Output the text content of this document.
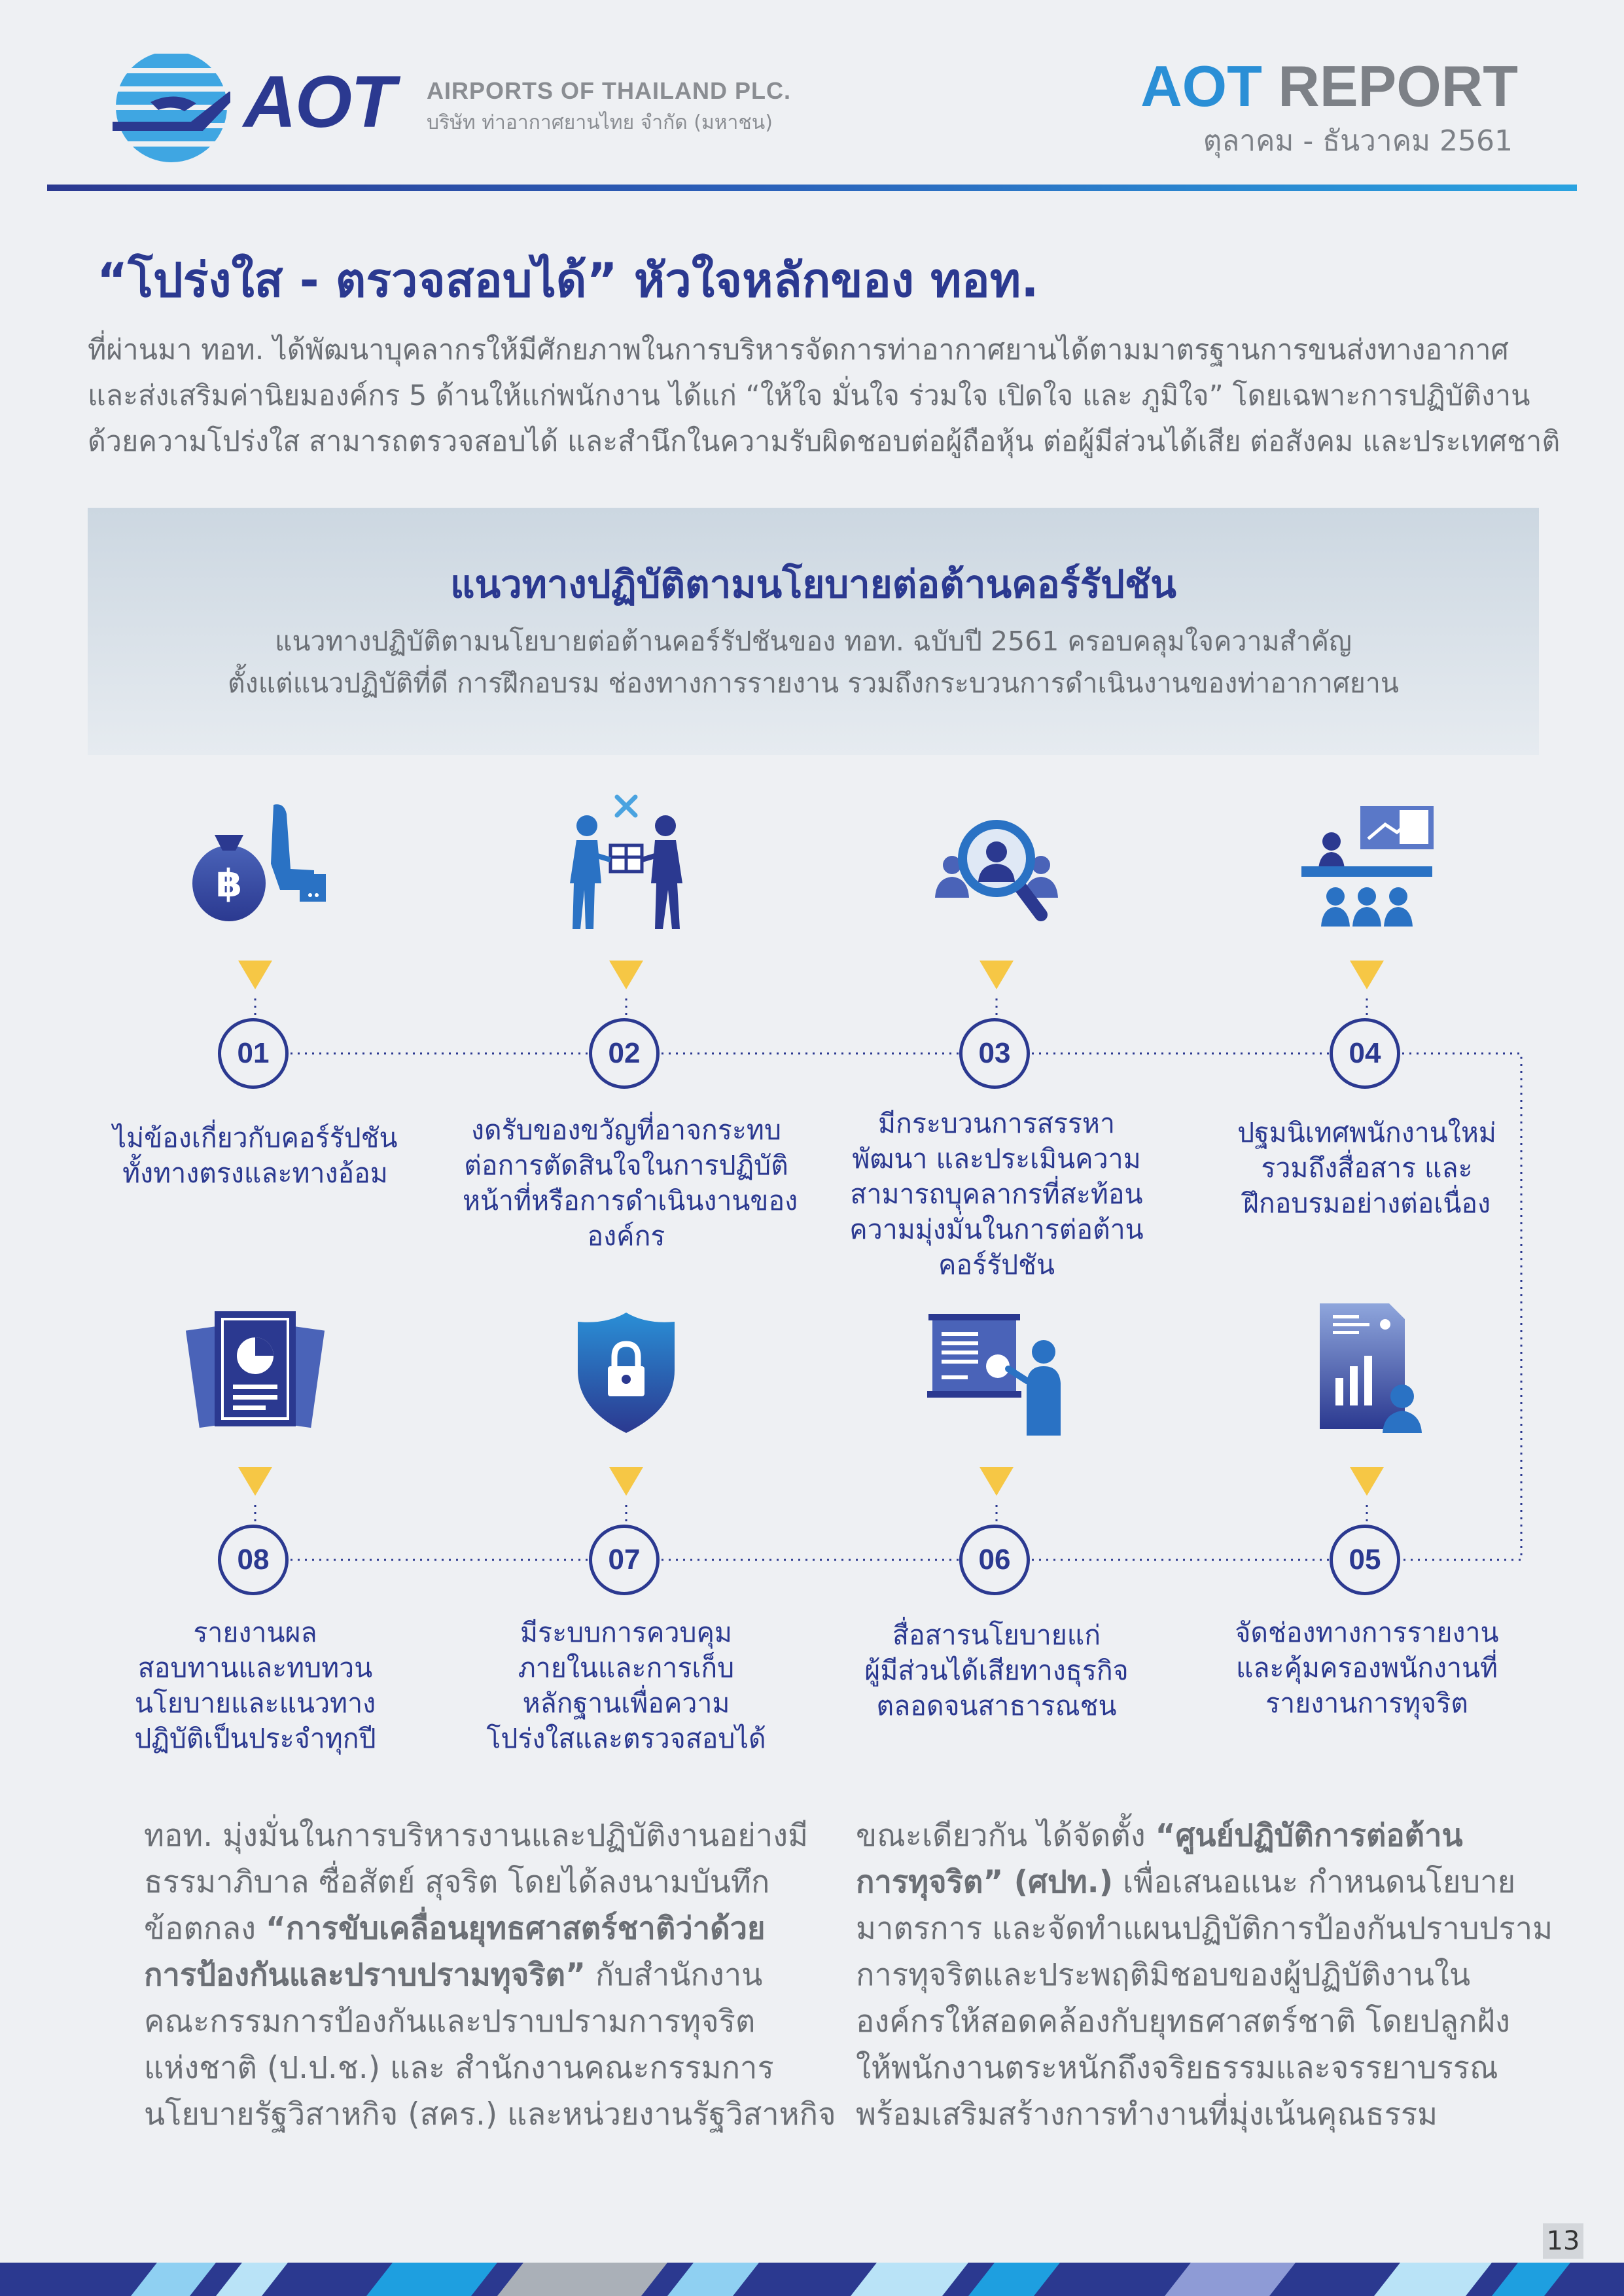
AOT AIRPORTS OF THAILAND PLC.
บริษัท ท่าอากาศยานไทย จำกัด (มหาชน)
AOT REPORT
ตุลาคม - ธันวาคม 2561
“โปร่งใส - ตรวจสอบได้” หัวใจหลักของ ทอท.

ที่ผ่านมา ทอท. ได้พัฒนาบุคลากรให้มีศักยภาพในการบริหารจัดการท่าอากาศยานได้ตามมาตรฐานการขนส่งทางอากาศ

และส่งเสริมค่านิยมองค์กร 5 ด้านให้แก่พนักงาน ได้แก่ “ให้ใจ มั่นใจ ร่วมใจ เปิดใจ และ ภูมิใจ” โดยเฉพาะการปฏิบัติงาน

ด้วยความโปร่งใส สามารถตรวจสอบได้ และสำนึกในความรับผิดชอบต่อผู้ถือหุ้น ต่อผู้มีส่วนได้เสีย ต่อสังคม และประเทศชาติ

แนวทางปฏิบัติตามนโยบายต่อต้านคอร์รัปชัน

แนวทางปฏิบัติตามนโยบายต่อต้านคอร์รัปชันของ ทอท. ฉบับปี 2561 ครอบคลุมใจความสำคัญ

ตั้งแต่แนวปฏิบัติที่ดี การฝึกอบรม ช่องทางการรายงาน รวมถึงกระบวนการดำเนินงานของท่าอากาศยาน

฿
01

ไม่ข้องเกี่ยวกับคอร์รัปชัน

ทั้งทางตรงและทางอ้อม

02

งดรับของขวัญที่อาจกระทบ

ต่อการตัดสินใจในการปฏิบัติ

หน้าที่หรือการดำเนินงานของ

องค์กร

03

มีกระบวนการสรรหา

พัฒนา และประเมินความ

สามารถบุคลากรที่สะท้อน

ความมุ่งมั่นในการต่อต้าน

คอร์รัปชัน

04

ปฐมนิเทศพนักงานใหม่

รวมถึงสื่อสาร และ

ฝึกอบรมอย่างต่อเนื่อง

08

รายงานผล

สอบทานและทบทวน

นโยบายและแนวทาง

ปฏิบัติเป็นประจำทุกปี

07

มีระบบการควบคุม

ภายในและการเก็บ

หลักฐานเพื่อความ

โปร่งใสและตรวจสอบได้

06

สื่อสารนโยบายแก่

ผู้มีส่วนได้เสียทางธุรกิจ

ตลอดจนสาธารณชน

05

จัดช่องทางการรายงาน

และคุ้มครองพนักงานที่

รายงานการทุจริต

ทอท. มุ่งมั่นในการบริหารงานและปฏิบัติงานอย่างมี

ธรรมาภิบาล ซื่อสัตย์ สุจริต โดยได้ลงนามบันทึก

ข้อตกลง “การขับเคลื่อนยุทธศาสตร์ชาติว่าด้วย

การป้องกันและปราบปรามทุจริต” กับสำนักงาน

คณะกรรมการป้องกันและปราบปรามการทุจริต

แห่งชาติ (ป.ป.ช.) และ สำนักงานคณะกรรมการ

นโยบายรัฐวิสาหกิจ (สคร.) และหน่วยงานรัฐวิสาหกิจ

ขณะเดียวกัน ได้จัดตั้ง “ศูนย์ปฏิบัติการต่อต้าน

การทุจริต” (ศปท.) เพื่อเสนอแนะ กำหนดนโยบาย

มาตรการ และจัดทำแผนปฏิบัติการป้องกันปราบปราม

การทุจริตและประพฤติมิชอบของผู้ปฏิบัติงานใน

องค์กรให้สอดคล้องกับยุทธศาสตร์ชาติ โดยปลูกฝัง

ให้พนักงานตระหนักถึงจริยธรรมและจรรยาบรรณ

พร้อมเสริมสร้างการทำงานที่มุ่งเน้นคุณธรรม

13
